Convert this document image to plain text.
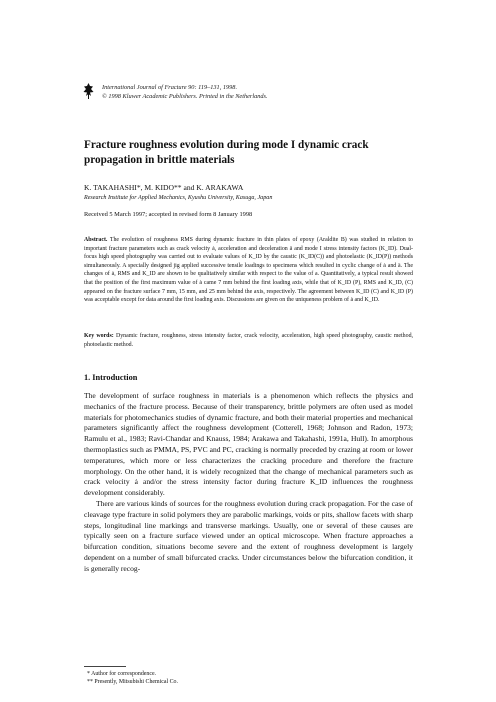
International Journal of Fracture 90: 119–131, 1998.
© 1998 Kluwer Academic Publishers. Printed in the Netherlands.
Fracture roughness evolution during mode I dynamic crack propagation in brittle materials
K. TAKAHASHI*, M. KIDO** and K. ARAKAWA
Research Institute for Applied Mechanics, Kyushu University, Kasuga, Japan
Received 5 March 1997; accepted in revised form 8 January 1998

Abstract. The evolution of roughness RMS during dynamic fracture in thin plates of epoxy (Araldite B) was studied in relation to important fracture parameters such as crack velocity ȧ, acceleration and deceleration ä and mode I stress intensity factors (K_ID). Dual-focus high speed photography was carried out to evaluate values of K_ID by the caustic (K_ID(C)) and photoelastic (K_ID(P)) methods simultaneously. A specially designed jig applied successive tensile loadings to specimens which resulted in cyclic change of ȧ and ä. The changes of ȧ, RMS and K_ID are shown to be qualitatively similar with respect to the value of a. Quantitatively, a typical result showed that the position of the first maximum value of ȧ came 7 mm behind the first loading axis, while that of K_ID (P), RMS and K_ID, (C) appeared on the fracture surface 7 mm, 15 mm, and 25 mm behind the axis, respectively. The agreement between K_ID (C) and K_ID (P) was acceptable except for data around the first loading axis. Discussions are given on the uniqueness problem of ȧ and K_ID.

Key words: Dynamic fracture, roughness, stress intensity factor, crack velocity, acceleration, high speed photography, caustic method, photoelastic method.

1. Introduction

The development of surface roughness in materials is a phenomenon which reflects the physics and mechanics of the fracture process. Because of their transparency, brittle polymers are often used as model materials for photomechanics studies of dynamic fracture, and both their material properties and mechanical parameters significantly affect the roughness development (Cotterell, 1968; Johnson and Radon, 1973; Ramulu et al., 1983; Ravi-Chandar and Knauss, 1984; Arakawa and Takahashi, 1991a, Hull). In amorphous thermoplastics such as PMMA, PS, PVC and PC, cracking is normally preceded by crazing at room or lower temperatures, which more or less characterizes the cracking procedure and therefore the fracture morphology. On the other hand, it is widely recognized that the change of mechanical parameters such as crack velocity ȧ and/or the stress intensity factor during fracture K_ID influences the roughness development considerably.

There are various kinds of sources for the roughness evolution during crack propagation. For the case of cleavage type fracture in solid polymers they are parabolic markings, voids or pits, shallow facets with sharp steps, longitudinal line markings and transverse markings. Usually, one or several of these causes are typically seen on a fracture surface viewed under an optical microscope. When fracture approaches a bifurcation condition, situations become severe and the extent of roughness development is largely dependent on a number of small bifurcated cracks. Under circumstances below the bifurcation condition, it is generally recog-

* Author for correspondence.
** Presently, Mitsubishi Chemical Co.
